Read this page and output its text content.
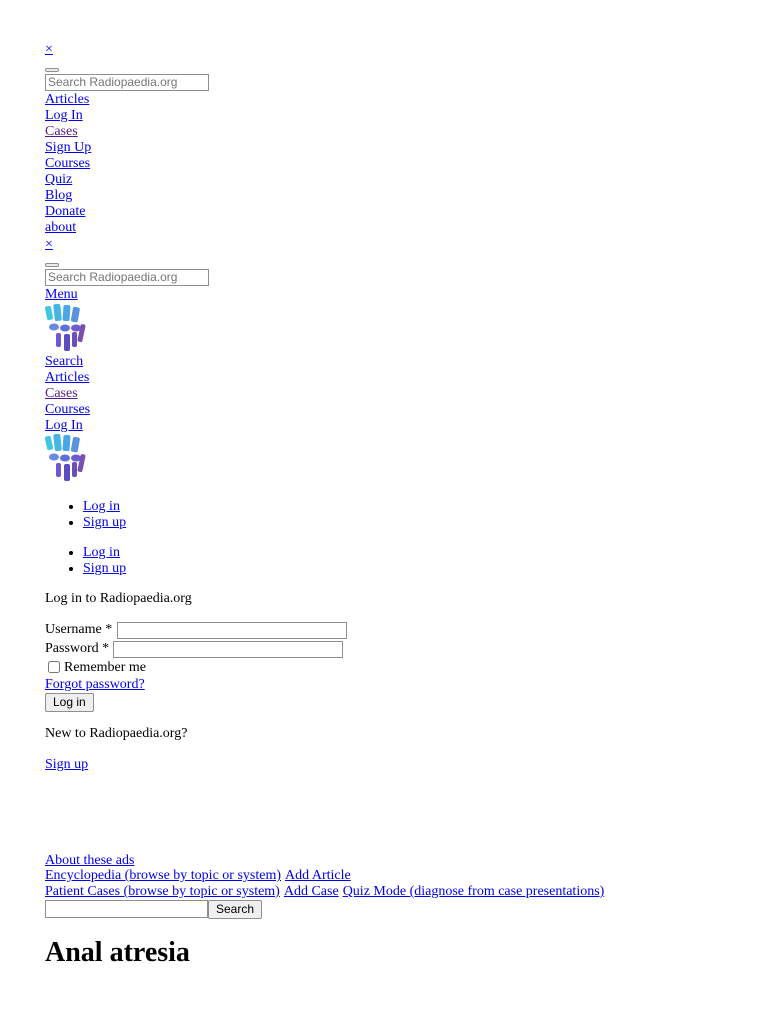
×
Search Radiopaedia.org
Articles
Log In
Cases
Sign Up
Courses
Quiz
Blog
Donate
about
×
Search Radiopaedia.org
Menu
Search
Articles
Cases
Courses
Log In
• Log in
• Sign up
• Log in
• Sign up
Log in to Radiopaedia.org
Username *
Password *
Remember me
Forgot password?
Log in
New to Radiopaedia.org?
Sign up
About these ads
Encyclopedia (browse by topic or system) Add Article
Patient Cases (browse by topic or system) Add Case Quiz Mode (diagnose from case presentations)
Search
Anal atresia
